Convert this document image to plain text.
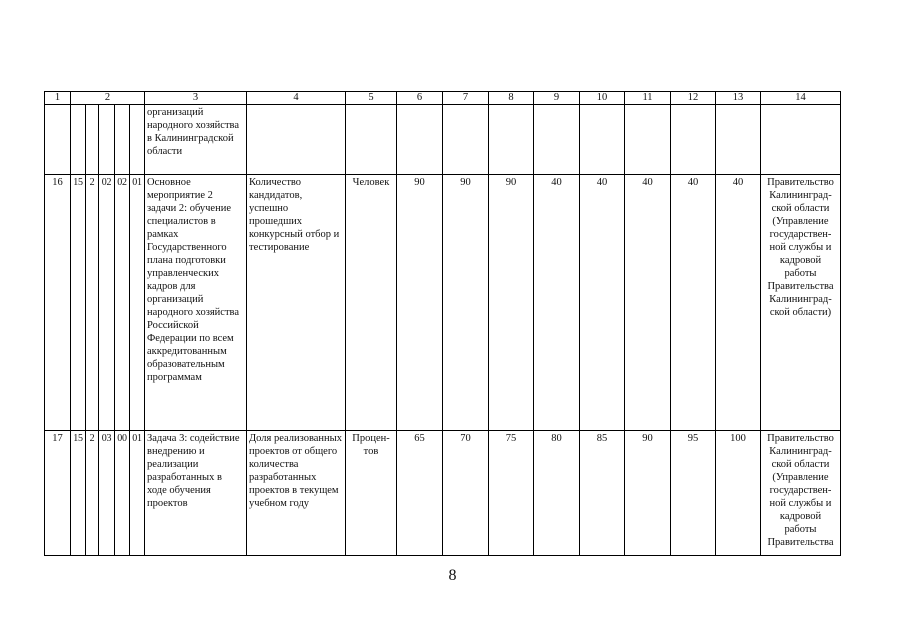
1	2					3	4	5	6	7	8	9	10	11	12	13	14
						организаций народного хозяйства в Калининградской области											
16	15	2	02	02	01	Основное мероприятие 2 задачи 2: обучение специалистов в рамках Государственного плана подготовки управленческих кадров для организаций народного хозяйства Российской Федерации по всем аккредитованным образовательным программам	Количество кандидатов, успешно прошедших конкурсный отбор и тестирование	Человек	90	90	90	40	40	40	40	40	Правительство Калининград-ской области (Управление государствен-ной службы и кадровой работы Правительства Калининград-ской области)
17	15	2	03	00	01	Задача 3: содействие внедрению и реализации разработанных в ходе обучения проектов	Доля реализованных проектов от общего количества разработанных проектов в текущем учебном году	Процен-тов	65	70	75	80	85	90	95	100	Правительство Калининград-ской области (Управление государствен-ной службы и кадровой работы Правительства
8
